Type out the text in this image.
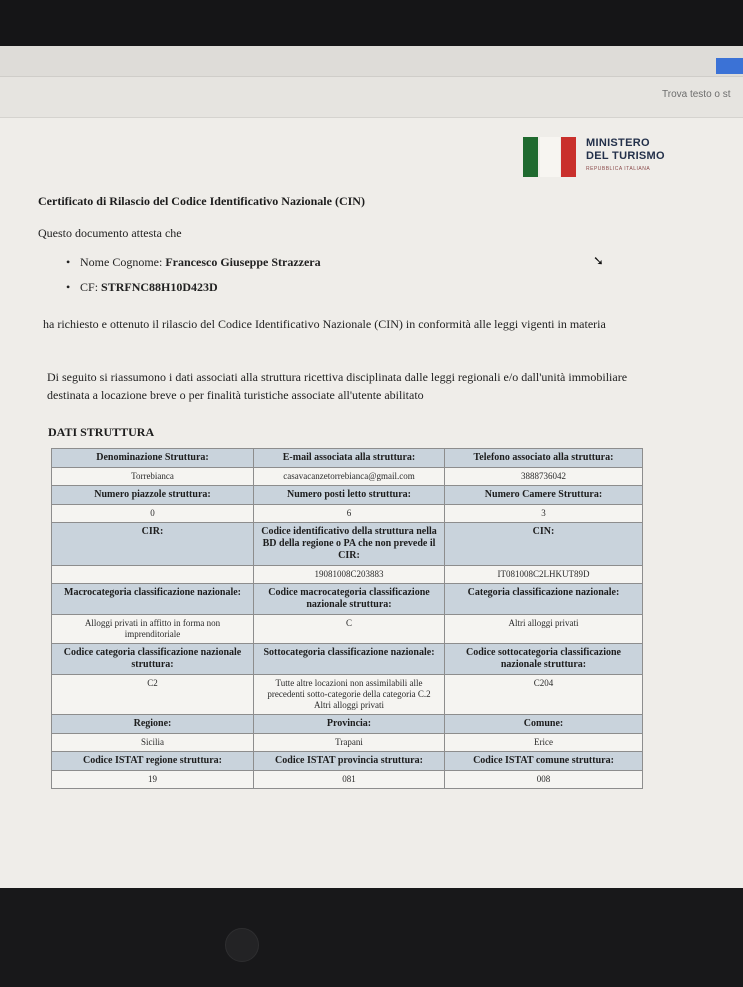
Trova testo o st
MINISTERO
DEL TURISMO
REPUBBLICA ITALIANA
Certificato di Rilascio del Codice Identificativo Nazionale (CIN)
Questo documento attesta che
• Nome Cognome: Francesco Giuseppe Strazzera
• CF: STRFNC88H10D423D
➘
ha richiesto e ottenuto il rilascio del Codice Identificativo Nazionale (CIN) in conformità alle leggi vigenti in materia
Di seguito si riassumono i dati associati alla struttura ricettiva disciplinata dalle leggi regionali e/o dall'unità immobiliare destinata a locazione breve o per finalità turistiche associate all'utente abilitato
DATI STRUTTURA
Denominazione Struttura:	E-mail associata alla struttura:	Telefono associato alla struttura:
Torrebianca	casavacanzetorrebianca@gmail.com	3888736042
Numero piazzole struttura:	Numero posti letto struttura:	Numero Camere Struttura:
0	6	3
CIR:	Codice identificativo della struttura nella BD della regione o PA che non prevede il CIR:	CIN:
	19081008C203883	IT081008C2LHKUT89D
Macrocategoria classificazione nazionale:	Codice macrocategoria classificazione nazionale struttura:	Categoria classificazione nazionale:
Alloggi privati in affitto in forma non imprenditoriale	C	Altri alloggi privati
Codice categoria classificazione nazionale struttura:	Sottocategoria classificazione nazionale:	Codice sottocategoria classificazione nazionale struttura:
C2	Tutte altre locazioni non assimilabili alle precedenti sotto-categorie della categoria C.2 Altri alloggi privati	C204
Regione:	Provincia:	Comune:
Sicilia	Trapani	Erice
Codice ISTAT regione struttura:	Codice ISTAT provincia struttura:	Codice ISTAT comune struttura:
19	081	008
